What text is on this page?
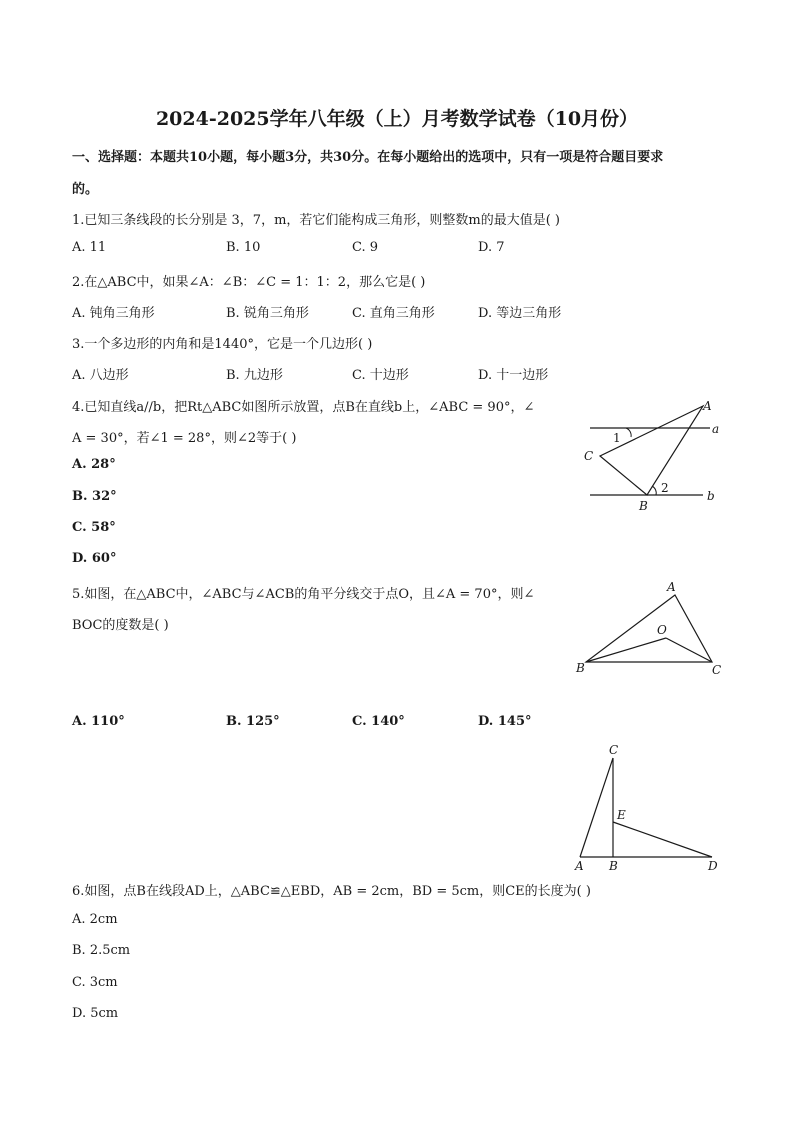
2024-2025学年八年级（上）月考数学试卷（10月份）
一、选择题：本题共10小题，每小题3分，共30分。在每小题给出的选项中，只有一项是符合题目要求
的。
1.已知三条线段的长分别是 3，7，m，若它们能构成三角形，则整数m的最大值是( )
A. 11	B. 10	C. 9	D. 7
2.在△ABC中，如果∠A：∠B：∠C = 1：1：2，那么它是( )
A. 钝角三角形	B. 锐角三角形	C. 直角三角形	D. 等边三角形
3.一个多边形的内角和是1440°，它是一个几边形( )
A. 八边形	B. 九边形	C. 十边形	D. 十一边形
4.已知直线a//b，把Rt△ABC如图所示放置，点B在直线b上，∠ABC = 90°，∠
A = 30°，若∠1 = 28°，则∠2等于( )
A. 28°
B. 32°
C. 58°
D. 60°
A
a
1
C
2
B
b
5.如图，在△ABC中，∠ABC与∠ACB的角平分线交于点O，且∠A = 70°，则∠
BOC的度数是( )
A. 110°	B. 125°	C. 140°	D. 145°
A
O
B	C
C
E
A B	D
6.如图，点B在线段AD上，△ABC≌△EBD，AB = 2cm，BD = 5cm，则CE的长度为( )
A. 2cm
B. 2.5cm
C. 3cm
D. 5cm
